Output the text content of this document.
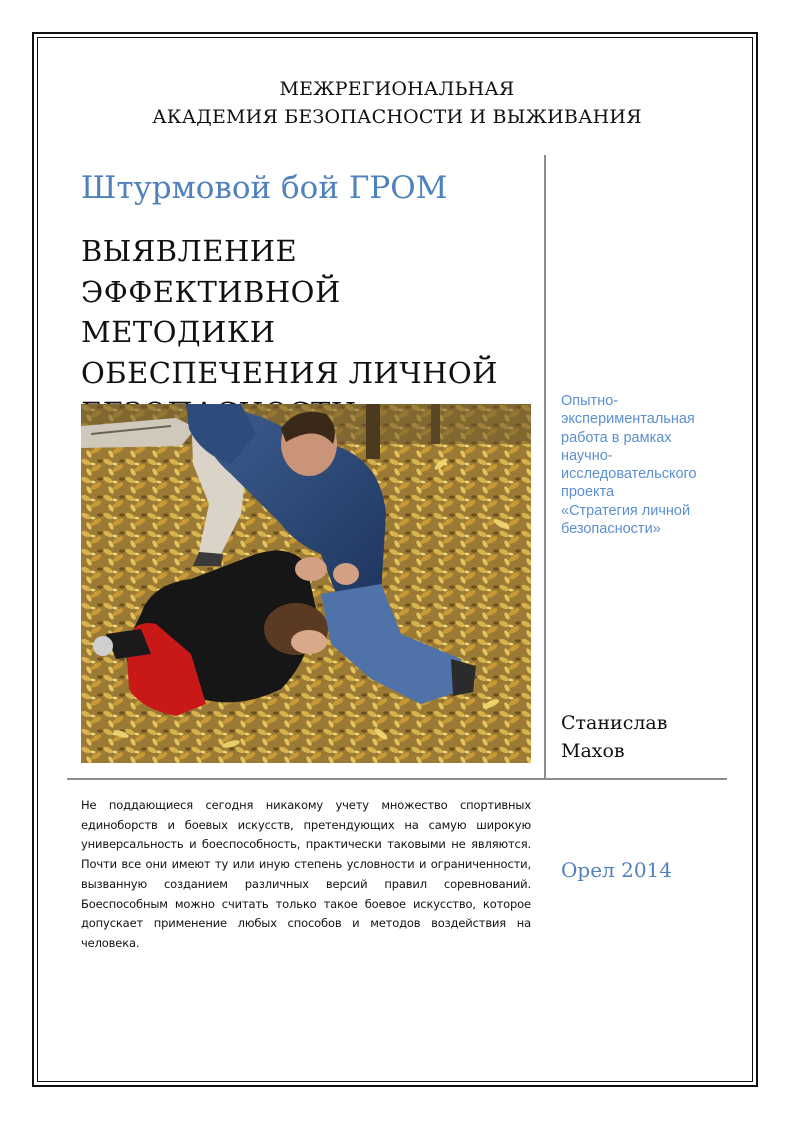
МЕЖРЕГИОНАЛЬНАЯ
АКАДЕМИЯ БЕЗОПАСНОСТИ И ВЫЖИВАНИЯ
Штурмовой бой ГРОМ
ВЫЯВЛЕНИЕ
ЭФФЕКТИВНОЙ МЕТОДИКИ
ОБЕСПЕЧЕНИЯ ЛИЧНОЙ
Опытно-
экспериментальная
работа в рамках
научно-
исследовательского
проекта
«Стратегия личной
безопасности»
Станислав
Махов
Не поддающиеся сегодня никакому учету множество спортивных единоборств и боевых искусств, претендующих на самую широкую универсальность и боеспособность, практически таковыми не являются. Почти все они имеют ту или иную степень условности и ограниченности, вызванную созданием различных версий правил соревнований. Боеспособным можно считать только такое боевое искусство, которое допускает применение любых способов и методов воздействия на человека.
Орел 2014
